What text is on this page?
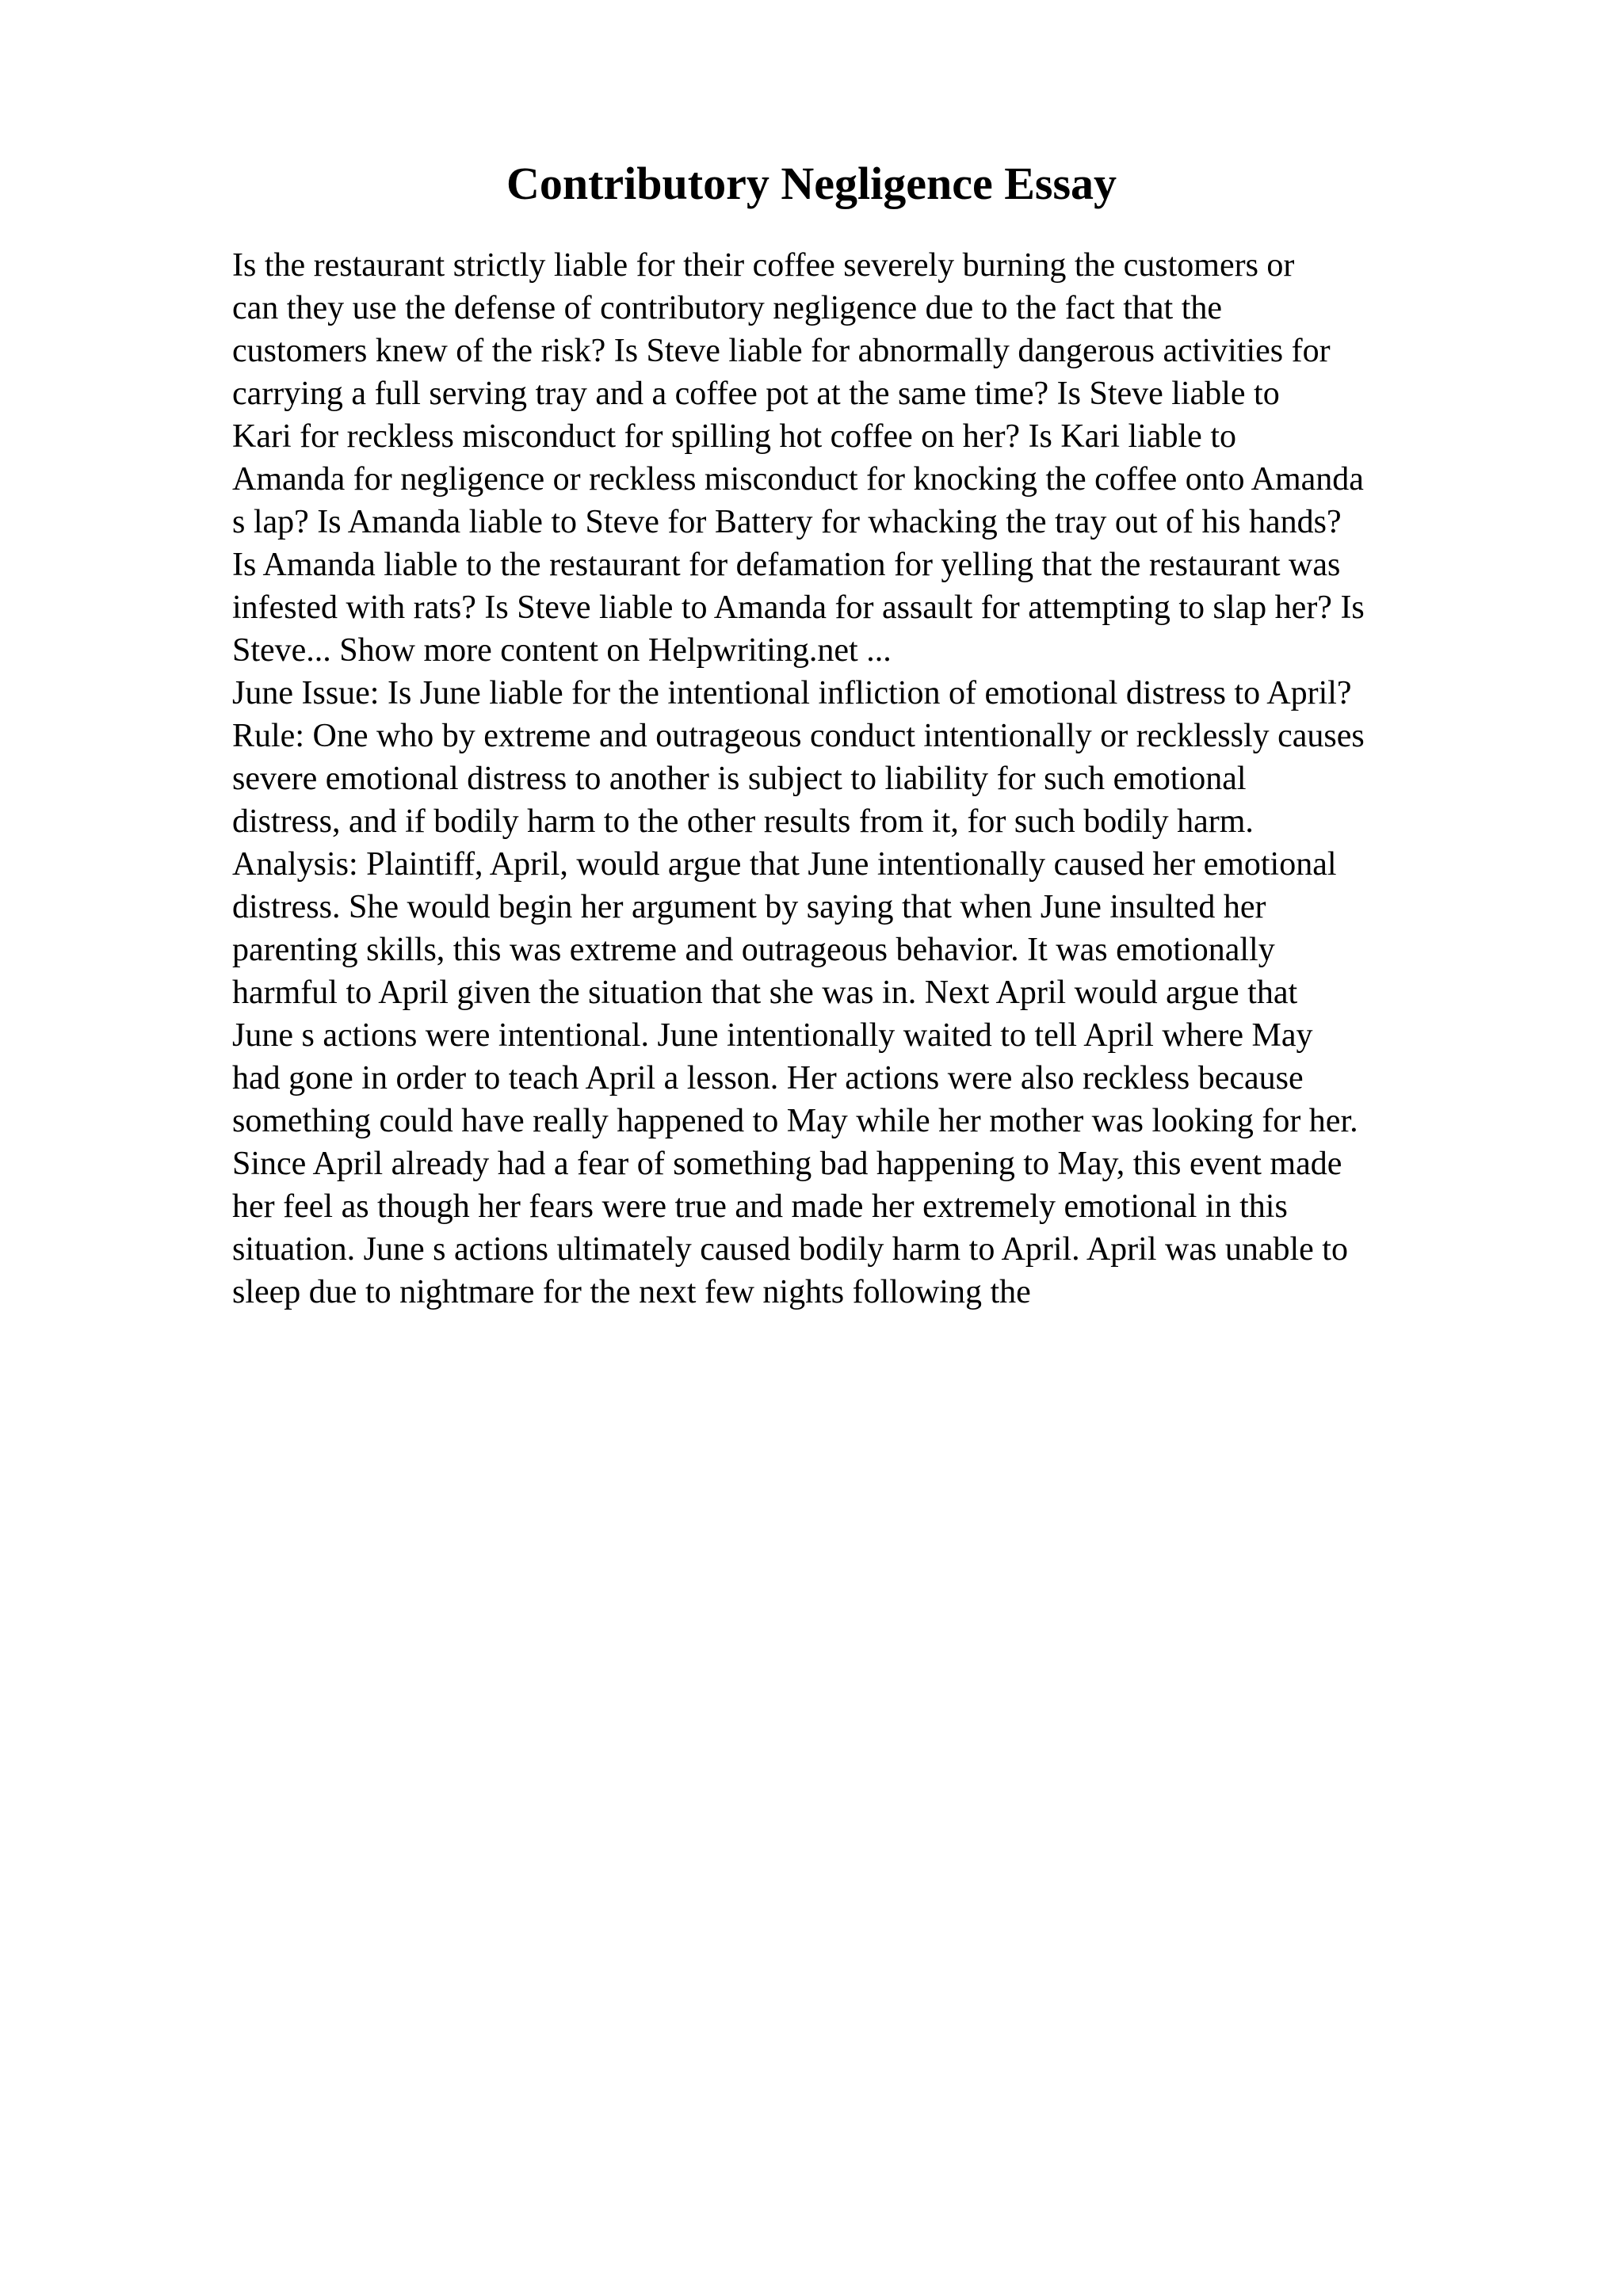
Contributory Negligence Essay
Is the restaurant strictly liable for their coffee severely burning the customers or
can they use the defense of contributory negligence due to the fact that the
customers knew of the risk? Is Steve liable for abnormally dangerous activities for
carrying a full serving tray and a coffee pot at the same time? Is Steve liable to
Kari for reckless misconduct for spilling hot coffee on her? Is Kari liable to
Amanda for negligence or reckless misconduct for knocking the coffee onto Amanda
s lap? Is Amanda liable to Steve for Battery for whacking the tray out of his hands?
Is Amanda liable to the restaurant for defamation for yelling that the restaurant was
infested with rats? Is Steve liable to Amanda for assault for attempting to slap her? Is
Steve... Show more content on Helpwriting.net ...
June Issue: Is June liable for the intentional infliction of emotional distress to April?
Rule: One who by extreme and outrageous conduct intentionally or recklessly causes
severe emotional distress to another is subject to liability for such emotional
distress, and if bodily harm to the other results from it, for such bodily harm.
Analysis: Plaintiff, April, would argue that June intentionally caused her emotional
distress. She would begin her argument by saying that when June insulted her
parenting skills, this was extreme and outrageous behavior. It was emotionally
harmful to April given the situation that she was in. Next April would argue that
June s actions were intentional. June intentionally waited to tell April where May
had gone in order to teach April a lesson. Her actions were also reckless because
something could have really happened to May while her mother was looking for her.
Since April already had a fear of something bad happening to May, this event made
her feel as though her fears were true and made her extremely emotional in this
situation. June s actions ultimately caused bodily harm to April. April was unable to
sleep due to nightmare for the next few nights following the
